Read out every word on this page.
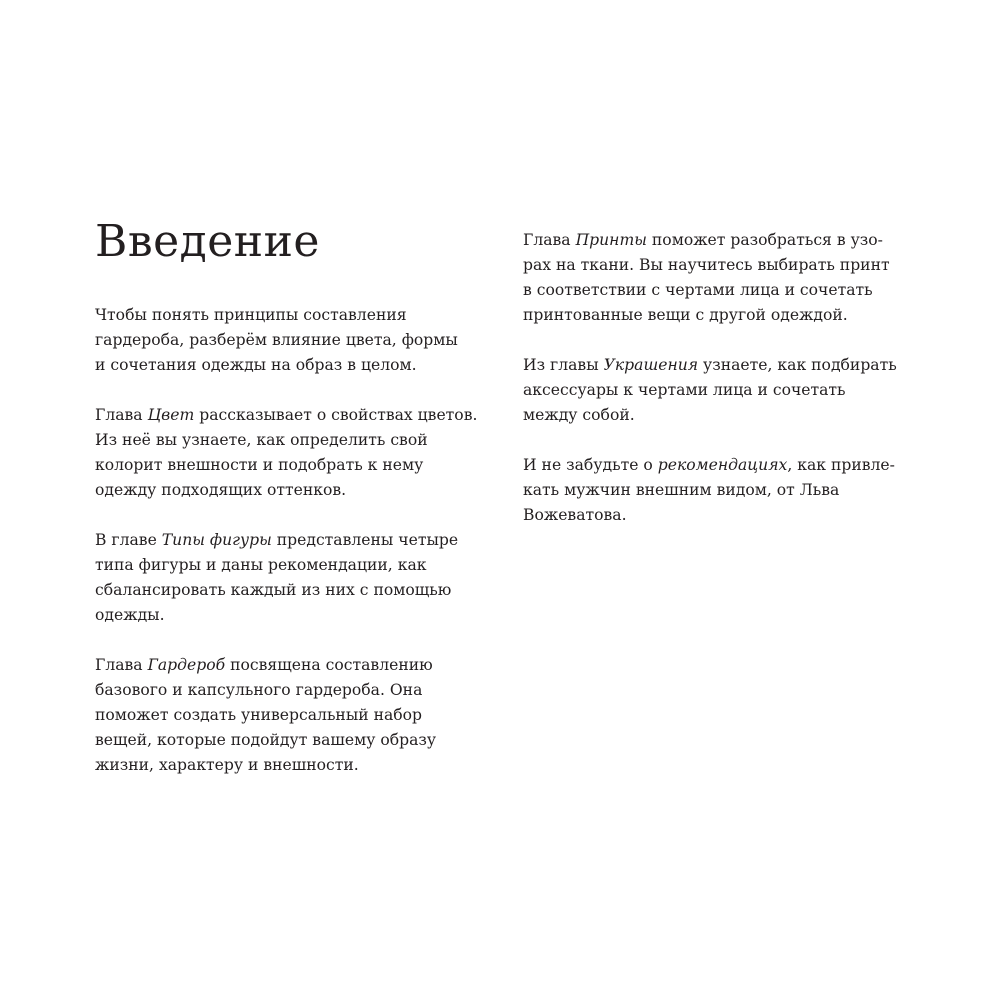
Введение

Чтобы понять принципы составления
гардероба, разберём влияние цвета, формы
и сочетания одежды на образ в целом.

Глава Цвет рассказывает о свойствах цветов.
Из неё вы узнаете, как определить свой
колорит внешности и подобрать к нему
одежду подходящих оттенков.

В главе Типы фигуры представлены четыре
типа фигуры и даны рекомендации, как
сбалансировать каждый из них с помощью
одежды.

Глава Гардероб посвящена составлению
базового и капсульного гардероба. Она
поможет создать универсальный набор
вещей, которые подойдут вашему образу
жизни, характеру и внешности.

Глава Принты поможет разобраться в узо-
рах на ткани. Вы научитесь выбирать принт
в соответствии с чертами лица и сочетать
принтованные вещи с другой одеждой.

Из главы Украшения узнаете, как подбирать
аксессуары к чертами лица и сочетать
между собой.

И не забудьте о рекомендациях, как привле-
кать мужчин внешним видом, от Льва
Вожеватова.
